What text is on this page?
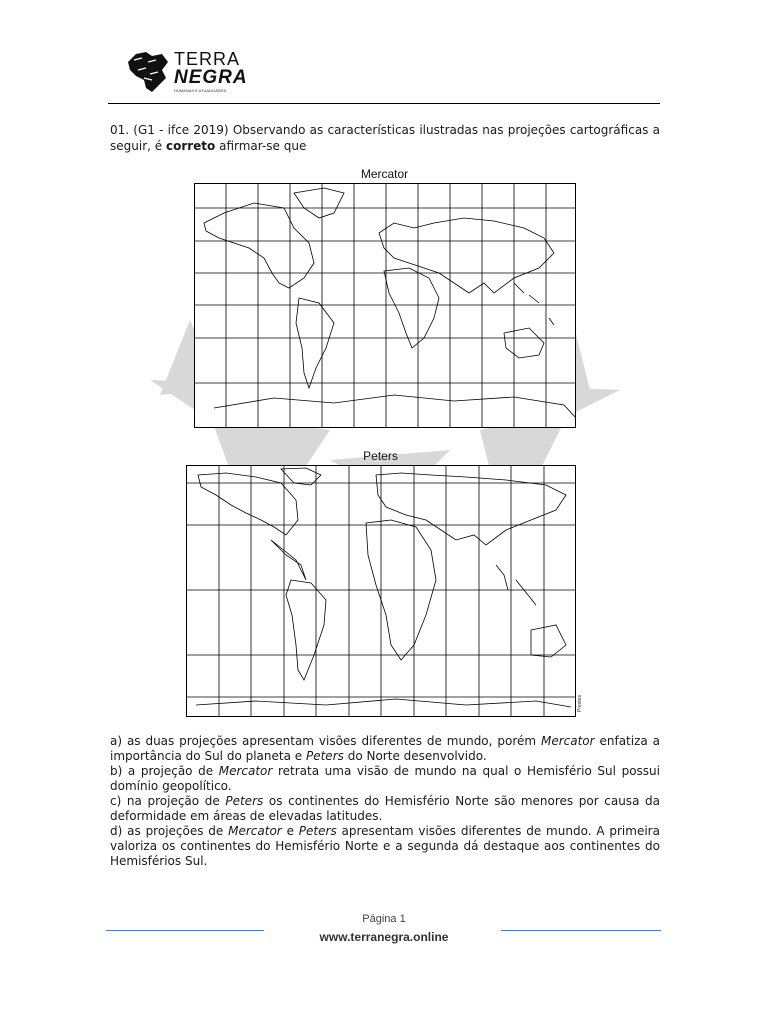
TERRA
NEGRA
HUMANAS E ATUALIDADES
01. (G1 - ifce 2019) Observando as características ilustradas nas projeções cartográficas a seguir, é correto afirmar-se que
Mercator
Peters
Prestes

a) as duas projeções apresentam visões diferentes de mundo, porém Mercator enfatiza a importância do Sul do planeta e Peters do Norte desenvolvido.

b) a projeção de Mercator retrata uma visão de mundo na qual o Hemisfério Sul possui domínio geopolítico.

c) na projeção de Peters os continentes do Hemisfério Norte são menores por causa da deformidade em áreas de elevadas latitudes.

d) as projeções de Mercator e Peters apresentam visões diferentes de mundo. A primeira valoriza os continentes do Hemisfério Norte e a segunda dá destaque aos continentes do Hemisférios Sul.

Página 1
www.terranegra.online
